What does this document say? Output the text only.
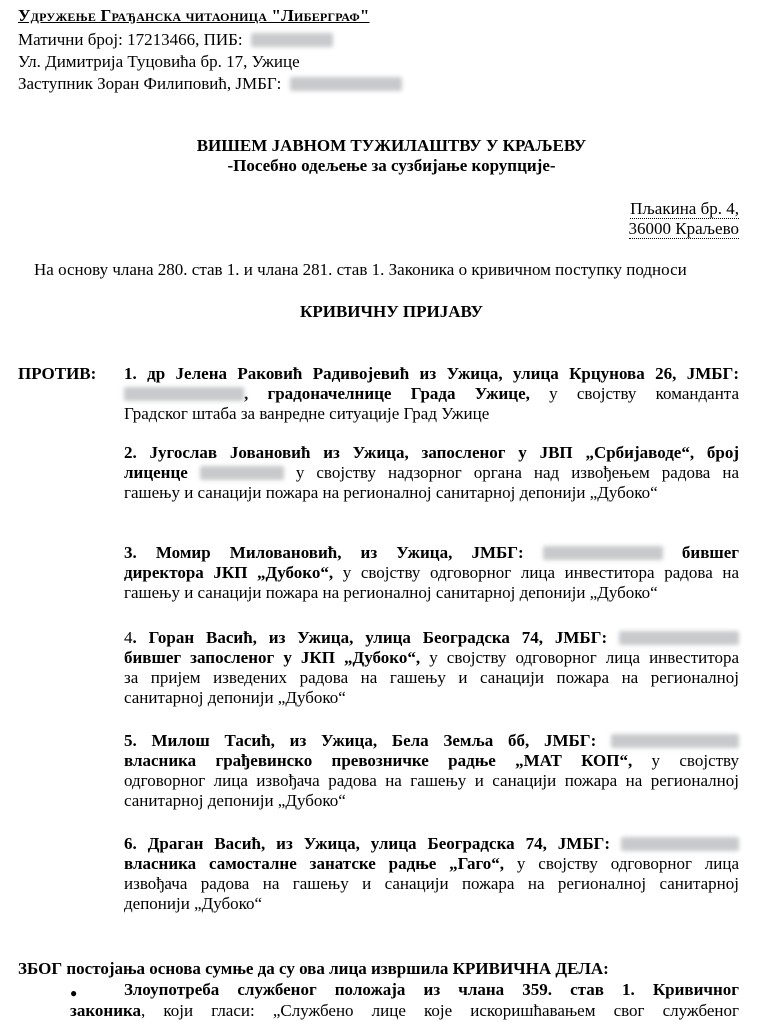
Удружење Грађанска читаоница "Либерграф"
Матични број: 17213466, ПИБ:
Ул. Димитрија Туцовића бр. 17, Ужице
Заступник Зоран Филиповић, ЈМБГ:
ВИШЕМ ЈАВНОМ ТУЖИЛАШТВУ У КРАЉЕВУ
-Посебно одељење за сузбијање корупције-
Пљакина бр. 4,
36000 Краљево
На основу члана 280. став 1. и члана 281. став 1. Законика о кривичном поступку подноси
КРИВИЧНУ ПРИЈАВУ
ПРОТИВ: 1. др Јелена Раковић Радивојевић из Ужица, улица Крцунова 26, ЈМБГ:

, градоначелнице Града Ужице, у својству команданта

Градског штаба за ванредне ситуације Град Ужице

2. Југослав Јовановић из Ужица, запосленог у ЈВП „Србијаводе“, број

лиценце	у својству надзорног органа над извођењем радова на

гашењу и санацији пожара на регионалној санитарној депонији „Дубоко“

3. Момир Миловановић, из Ужица, ЈМБГ:	бившег

директора ЈКП „Дубоко“, у својству одговорног лица инвеститора радова на

гашењу и санацији пожара на регионалној санитарној депонији „Дубоко“

4. Горан Васић, из Ужица, улица Београдска 74, ЈМБГ:

бившег запосленог у ЈКП „Дубоко“, у својству одговорног лица инвеститора

за пријем изведених радова на гашењу и санацији пожара на регионалној

санитарној депонији „Дубоко“

5. Милош Тасић, из Ужица, Бела Земља бб, ЈМБГ:

власника грађевинско превозничке радње „МАТ КОП“, у својству

одговорног лица извођача радова на гашењу и санацији пожара на регионалној

санитарној депонији „Дубоко“

6. Драган Васић, из Ужица, улица Београдска 74, ЈМБГ:

власника самосталне занатске радње „Гаго“, у својству одговорног лица

извођача радова на гашењу и санацији пожара на регионалној санитарној

депонији „Дубоко“

ЗБОГ постојања основа сумње да су ова лица извршила КРИВИЧНА ДЕЛА:
●	Злоупотреба службеног положаја из члана 359. став 1. Кривичног

законика, који гласи: „Службено лице које искоришћавањем свог службеног
